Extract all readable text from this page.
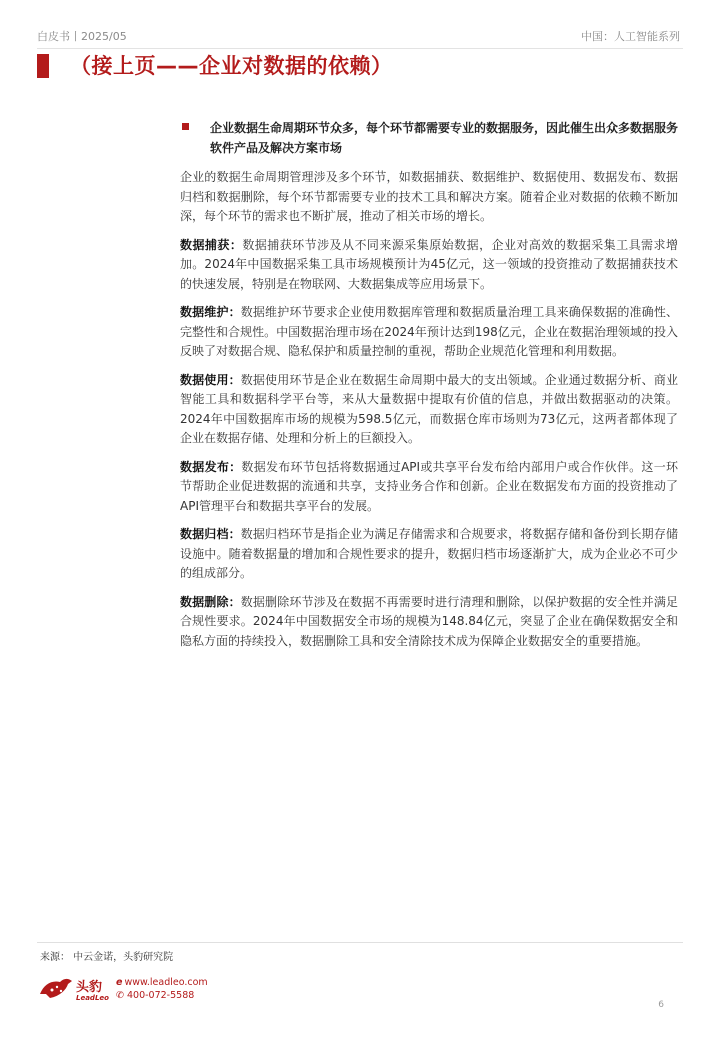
白皮书丨2025/05	中国：人工智能系列
（接上页——企业对数据的依赖）
企业数据生命周期环节众多，每个环节都需要专业的数据服务，因此催生出众多数据服务软件产品及解决方案市场

企业的数据生命周期管理涉及多个环节，如数据捕获、数据维护、数据使用、数据发布、数据归档和数据删除，每个环节都需要专业的技术工具和解决方案。随着企业对数据的依赖不断加深，每个环节的需求也不断扩展，推动了相关市场的增长。

数据捕获：数据捕获环节涉及从不同来源采集原始数据，企业对高效的数据采集工具需求增加。2024年中国数据采集工具市场规模预计为45亿元，这一领域的投资推动了数据捕获技术的快速发展，特别是在物联网、大数据集成等应用场景下。

数据维护：数据维护环节要求企业使用数据库管理和数据质量治理工具来确保数据的准确性、完整性和合规性。中国数据治理市场在2024年预计达到198亿元，企业在数据治理领域的投入反映了对数据合规、隐私保护和质量控制的重视，帮助企业规范化管理和利用数据。

数据使用：数据使用环节是企业在数据生命周期中最大的支出领域。企业通过数据分析、商业智能工具和数据科学平台等，来从大量数据中提取有价值的信息，并做出数据驱动的决策。2024年中国数据库市场的规模为598.5亿元，而数据仓库市场则为73亿元，这两者都体现了企业在数据存储、处理和分析上的巨额投入。

数据发布：数据发布环节包括将数据通过API或共享平台发布给内部用户或合作伙伴。这一环节帮助企业促进数据的流通和共享，支持业务合作和创新。企业在数据发布方面的投资推动了API管理平台和数据共享平台的发展。

数据归档：数据归档环节是指企业为满足存储需求和合规要求，将数据存储和备份到长期存储设施中。随着数据量的增加和合规性要求的提升，数据归档市场逐渐扩大，成为企业必不可少的组成部分。

数据删除：数据删除环节涉及在数据不再需要时进行清理和删除，以保护数据的安全性并满足合规性要求。2024年中国数据安全市场的规模为148.84亿元，突显了企业在确保数据安全和隐私方面的持续投入，数据删除工具和安全清除技术成为保障企业数据安全的重要措施。

来源： 中云金诺，头豹研究院
头豹
LeadLeo
e www.leadleo.com
✆ 400-072-5588
6
